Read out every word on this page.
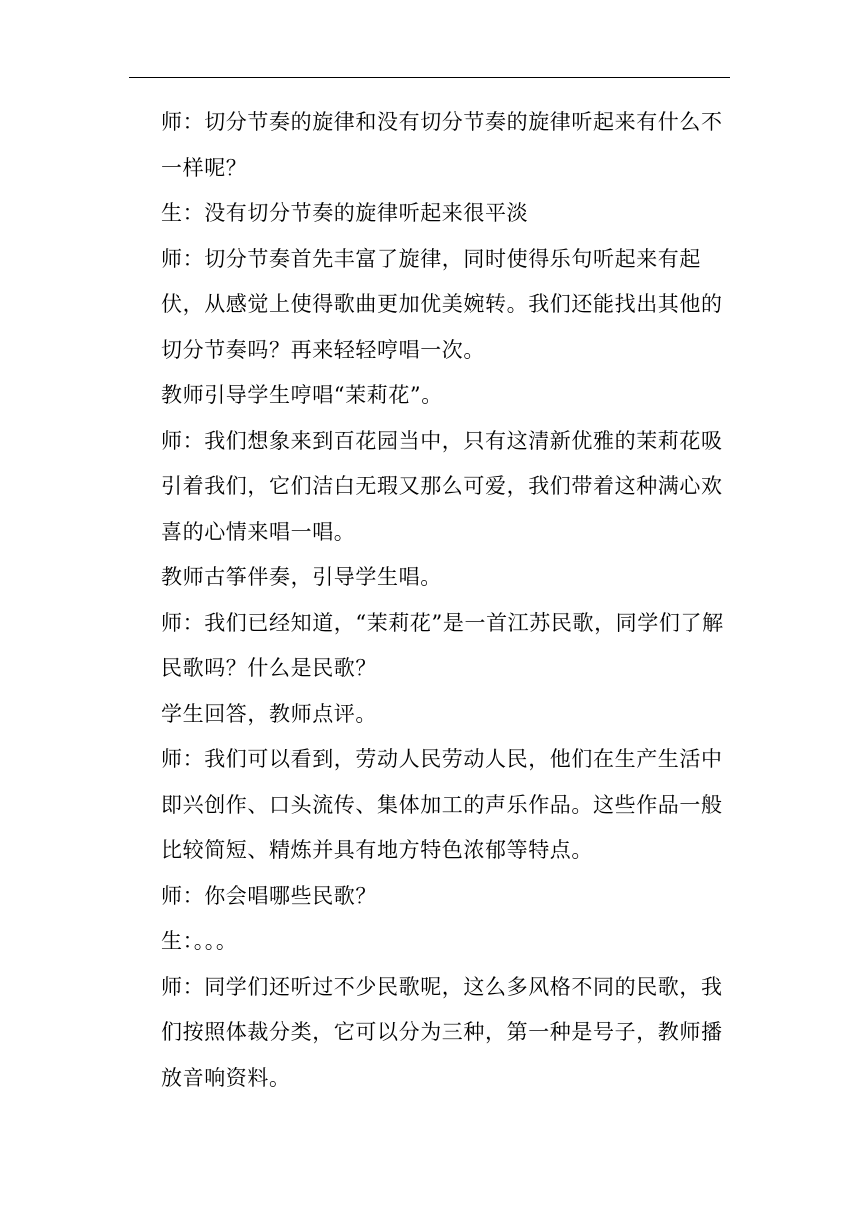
师：切分节奏的旋律和没有切分节奏的旋律听起来有什么不一样呢？

生：没有切分节奏的旋律听起来很平淡

师：切分节奏首先丰富了旋律，同时使得乐句听起来有起伏，从感觉上使得歌曲更加优美婉转。我们还能找出其他的切分节奏吗？再来轻轻哼唱一次。

教师引导学生哼唱“茉莉花”。

师：我们想象来到百花园当中，只有这清新优雅的茉莉花吸引着我们，它们洁白无瑕又那么可爱，我们带着这种满心欢喜的心情来唱一唱。

教师古筝伴奏，引导学生唱。

师：我们已经知道，“茉莉花”是一首江苏民歌，同学们了解民歌吗？什么是民歌？

学生回答，教师点评。

师：我们可以看到，劳动人民劳动人民，他们在生产生活中即兴创作、口头流传、集体加工的声乐作品。这些作品一般比较简短、精炼并具有地方特色浓郁等特点。

师：你会唱哪些民歌？

生：。。。

师：同学们还听过不少民歌呢，这么多风格不同的民歌，我们按照体裁分类，它可以分为三种，第一种是号子，教师播放音响资料。
